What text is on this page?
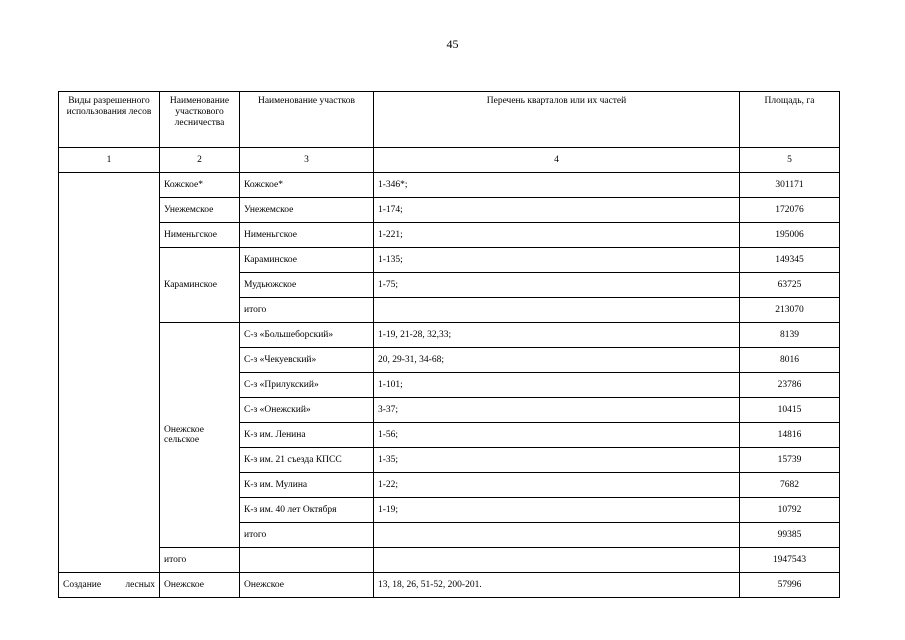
45
Виды разрешенного использования лесов	Наименование участкового лесничества	Наименование участков	Перечень кварталов или их частей	Площадь, га
1	2	3	4	5
	Кожское*	Кожское*	1-346*;	301171
	Унежемское	Унежемское	1-174;	172076
	Нименьгское	Нименьгское	1-221;	195006
	Караминское	Караминское	1-135;	149345
		Мудьюжское	1-75;	63725
		итого		213070
	Онежское сельское	С-з «Большеборский»	1-19, 21-28, 32,33;	8139
		С-з «Чекуевский»	20, 29-31, 34-68;	8016
		С-з «Прилукский»	1-101;	23786
		С-з «Онежский»	3-37;	10415
		К-з им. Ленина	1-56;	14816
		К-з им. 21 съезда КПСС	1-35;	15739
		К-з им. Мулина	1-22;	7682
		К-з им. 40 лет Октября	1-19;	10792
		итого		99385
	итого			1947543

Создание лесных	Онежское	Онежское	13, 18, 26, 51-52, 200-201.	57996
